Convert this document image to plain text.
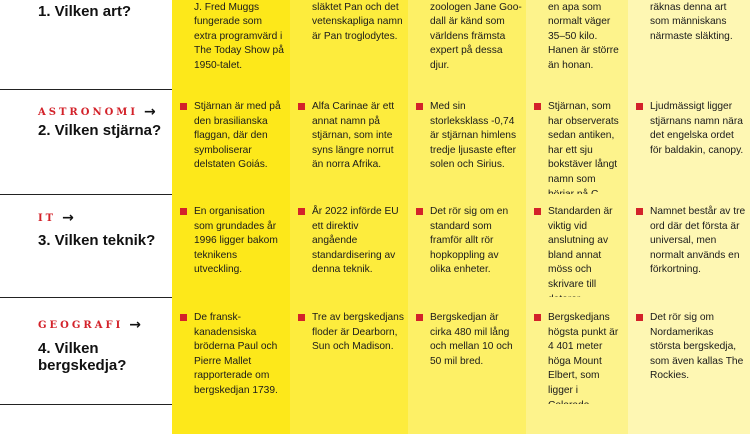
1. Vilken art?	J. Fred Muggs fungerade som extra programvärd i The Today Show på 1950-talet.
släktet Pan och det vetenskapliga namn är Pan troglodytes.
zoologen Jane Goodall är känd som världens främsta expert på dessa djur.
en apa som normalt väger 35–50 kilo. Hanen är större än honan.
räknas denna art som människans närmaste släkting.
ASTRONOMI →
2. Vilken stjärna?
Stjärnan är med på den brasilianska flaggan, där den symboliserar delstaten Goiás.
Alfa Carinae är ett annat namn på stjärnan, som inte syns längre norrut än norra Afrika.
Med sin storleksklass -0,74 är stjärnan himlens tredje ljusaste efter solen och Sirius.
Stjärnan, som har observerats sedan antiken, har ett sju bokstäver långt namn som
Ljudmässigt ligger stjärnans namn nära det engelska ordet för baldakin, canopy.
IT →
3. Vilken teknik?
En organisation som grundades år 1996 ligger bakom teknikens utveckling.
År 2022 införde EU ett direktiv angående standardisering av denna teknik.
Det rör sig om en standard som framför allt rör hopkoppling av olika enheter.
Standarden är viktig vid anslutning av bland annat möss och skrivare till
Namnet består av tre ord där det första är universal, men normalt används en förkortning.
GEOGRAFI →
4. Vilken bergskedja?
De fransk-kanadensiska bröderna Paul och Pierre Mallet rapporterade om bergskedjan 1739.
Tre av bergskedjans floder är Dearborn, Sun och Madison.
Bergskedjan är cirka 480 mil lång och mellan 10 och 50 mil bred.
Bergskedjans högsta punkt är 4 401 meter höga Mount Elbert, som ligger i
Det rör sig om Nordamerikas största bergskedja, som även kallas The Rockies.
